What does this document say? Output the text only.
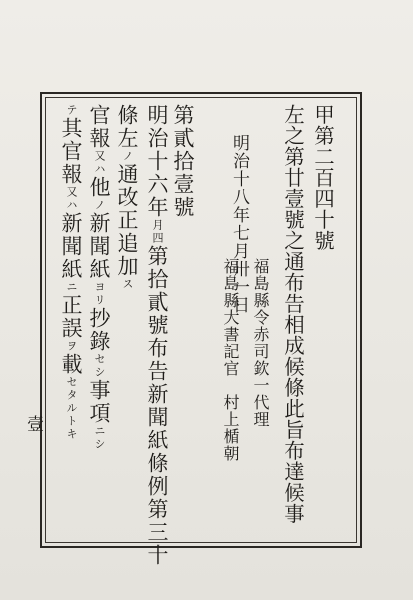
甲第二百四十號
左之第廿壹號之通布告相成候條此旨布達候事
明治十八年七月卅一日
福島縣令赤司欽一代理
福島縣大書記官　村上楯朝
第貳拾壹號
明治十六年月四第拾貳號布告新聞紙條例第三十
條左ノ通改正追加ス
官報又ハ他ノ新聞紙ヨリ抄錄セシ事項ニシ
テ其官報又ハ新聞紙ニ正誤ヲ載セタルトキ
壹
